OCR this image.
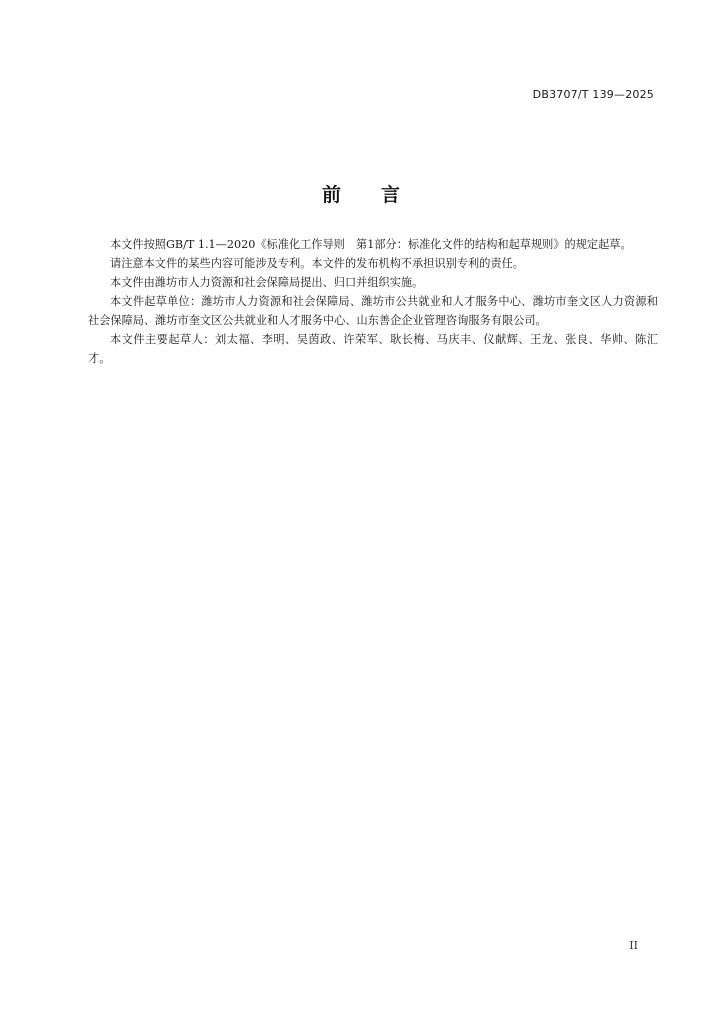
DB3707/T 139—2025
前 言

本文件按照GB/T 1.1—2020《标准化工作导则　第1部分：标准化文件的结构和起草规则》的规定起草。

请注意本文件的某些内容可能涉及专利。本文件的发布机构不承担识别专利的责任。

本文件由潍坊市人力资源和社会保障局提出、归口并组织实施。

本文件起草单位：潍坊市人力资源和社会保障局、潍坊市公共就业和人才服务中心、潍坊市奎文区人力资源和社会保障局、潍坊市奎文区公共就业和人才服务中心、山东善企企业管理咨询服务有限公司。

本文件主要起草人：刘太福、李明、吴茵政、许荣军、耿长梅、马庆丰、仪献辉、王龙、张良、华帅、陈汇才。

II
